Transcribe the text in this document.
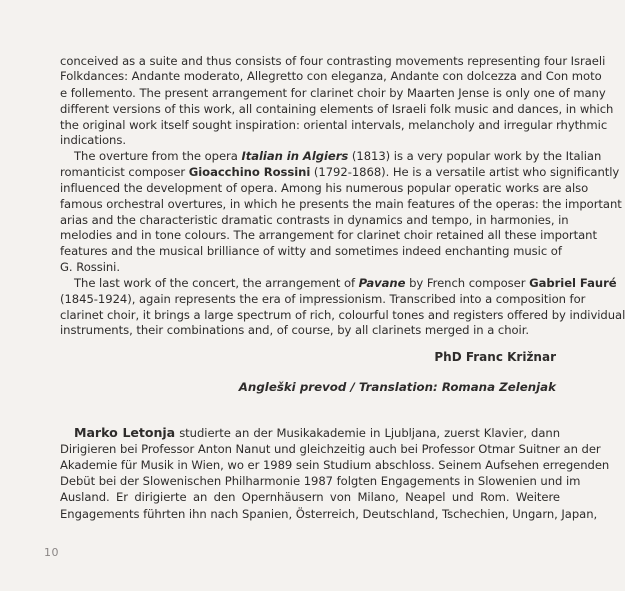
conceived as a suite and thus consists of four contrasting movements representing four Israeli
Folkdances: Andante moderato, Allegretto con eleganza, Andante con dolcezza and Con moto
e follemento. The present arrangement for clarinet choir by Maarten Jense is only one of many
different versions of this work, all containing elements of Israeli folk music and dances, in which
the original work itself sought inspiration: oriental intervals, melancholy and irregular rhythmic
indications.
The overture from the opera Italian in Algiers (1813) is a very popular work by the Italian
romanticist composer Gioacchino Rossini (1792-1868). He is a versatile artist who significantly
influenced the development of opera. Among his numerous popular operatic works are also
famous orchestral overtures, in which he presents the main features of the operas: the important
arias and the characteristic dramatic contrasts in dynamics and tempo, in harmonies, in
melodies and in tone colours. The arrangement for clarinet choir retained all these important
features and the musical brilliance of witty and sometimes indeed enchanting music of
G. Rossini.
The last work of the concert, the arrangement of Pavane by French composer Gabriel Fauré
(1845-1924), again represents the era of impressionism. Transcribed into a composition for
clarinet choir, it brings a large spectrum of rich, colourful tones and registers offered by individual
instruments, their combinations and, of course, by all clarinets merged in a choir.
PhD Franc Križnar
Angleški prevod / Translation: Romana Zelenjak
Marko Letonja studierte an der Musikakademie in Ljubljana, zuerst Klavier, dann
Dirigieren bei Professor Anton Nanut und gleichzeitig auch bei Professor Otmar Suitner an der
Akademie für Musik in Wien, wo er 1989 sein Studium abschloss. Seinem Aufsehen erregenden
Debüt bei der Slowenischen Philharmonie 1987 folgten Engagements in Slowenien und im
Ausland. Er dirigierte an den Opernhäusern von Milano, Neapel und Rom. Weitere
Engagements führten ihn nach Spanien, Österreich, Deutschland, Tschechien, Ungarn, Japan,
10
